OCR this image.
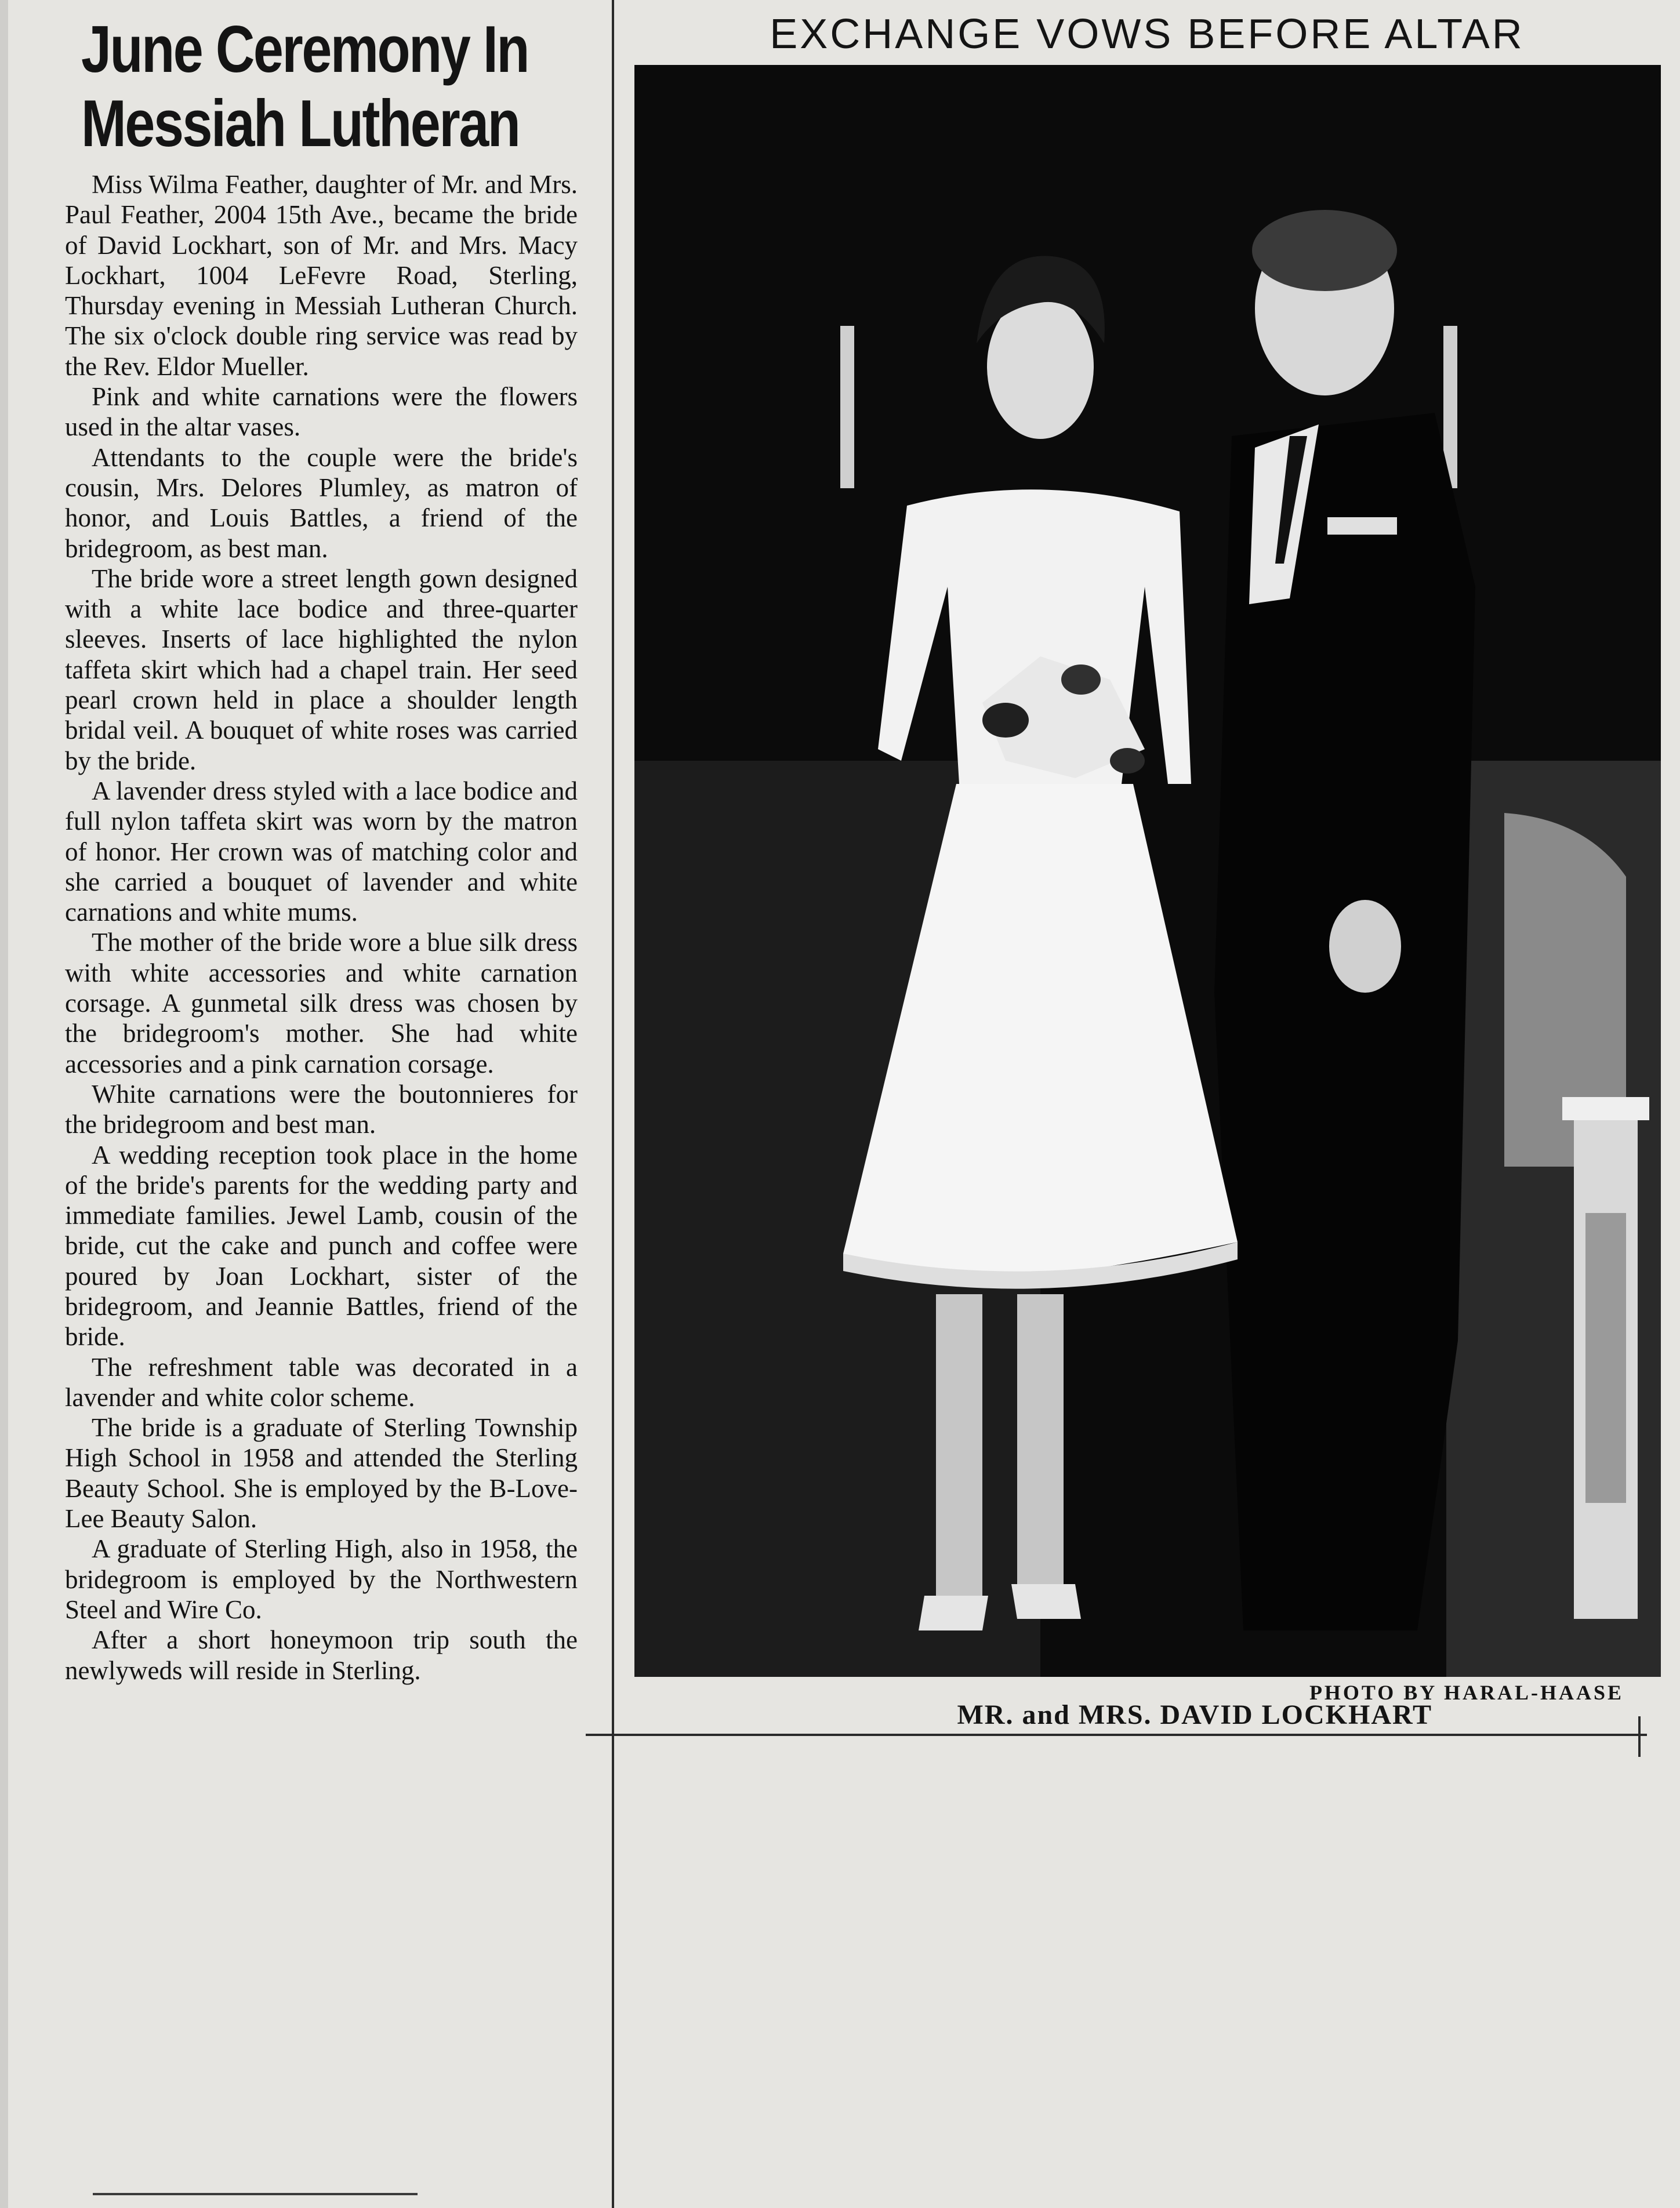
June Ceremony In
Messiah Lutheran

Miss Wilma Feather, daughter of Mr. and Mrs. Paul Feather, 2004 15th Ave., became the bride of David Lockhart, son of Mr. and Mrs. Macy Lockhart, 1004 LeFevre Road, Sterling, Thursday evening in Messiah Lutheran Church. The six o'clock double ring service was read by the Rev. Eldor Mueller.

Pink and white carnations were the flowers used in the altar vases.

Attendants to the couple were the bride's cousin, Mrs. Delores Plumley, as matron of honor, and Louis Battles, a friend of the bridegroom, as best man.

The bride wore a street length gown designed with a white lace bodice and three-quarter sleeves. Inserts of lace highlighted the nylon taffeta skirt which had a chapel train. Her seed pearl crown held in place a shoulder length bridal veil. A bouquet of white roses was carried by the bride.

A lavender dress styled with a lace bodice and full nylon taffeta skirt was worn by the matron of honor. Her crown was of matching color and she carried a bouquet of lavender and white carnations and white mums.

The mother of the bride wore a blue silk dress with white accessories and white carnation corsage. A gunmetal silk dress was chosen by the bridegroom's mother. She had white accessories and a pink carnation corsage.

White carnations were the boutonnieres for the bridegroom and best man.

A wedding reception took place in the home of the bride's parents for the wedding party and immediate families. Jewel Lamb, cousin of the bride, cut the cake and punch and coffee were poured by Joan Lockhart, sister of the bridegroom, and Jeannie Battles, friend of the bride.

The refreshment table was decorated in a lavender and white color scheme.

The bride is a graduate of Sterling Township High School in 1958 and attended the Sterling Beauty School. She is employed by the B-Love-Lee Beauty Salon.

A graduate of Sterling High, also in 1958, the bridegroom is employed by the Northwestern Steel and Wire Co.

After a short honeymoon trip south the newlyweds will reside in Sterling.

EXCHANGE VOWS BEFORE ALTAR
PHOTO BY HARAL-HAASE
MR. and MRS. DAVID LOCKHART
